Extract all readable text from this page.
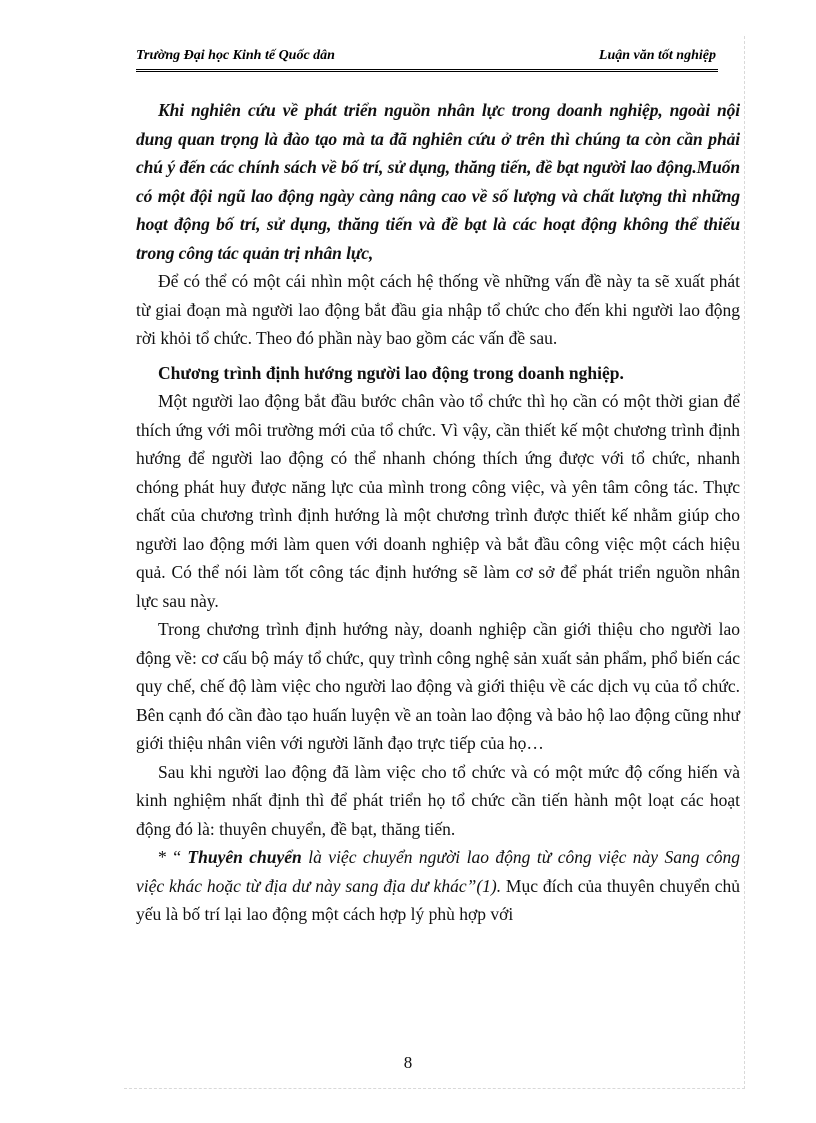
Trường Đại học Kinh tế Quốc dân	Luận văn tốt nghiệp

Khi nghiên cứu về phát triển nguồn nhân lực trong doanh nghiệp, ngoài nội dung quan trọng là đào tạo mà ta đã nghiên cứu ở trên thì chúng ta còn cần phải chú ý đến các chính sách về bố trí, sử dụng, thăng tiến, đề bạt người lao động.Muốn có một đội ngũ lao động ngày càng nâng cao về số lượng và chất lượng thì những hoạt động bố trí, sử dụng, thăng tiến và đề bạt là các hoạt động không thể thiếu trong công tác quản trị nhân lực,

Để có thể có một cái nhìn một cách hệ thống về những vấn đề này ta sẽ xuất phát từ giai đoạn mà người lao động bắt đầu gia nhập tổ chức cho đến khi người lao động rời khỏi tổ chức. Theo đó phần này bao gồm các vấn đề sau.

Chương trình định hướng người lao động trong doanh nghiệp.

Một người lao động bắt đầu bước chân vào tổ chức thì họ cần có một thời gian để thích ứng với môi trường mới của tổ chức. Vì vậy, cần thiết kế một chương trình định hướng để người lao động có thể nhanh chóng thích ứng được với tổ chức, nhanh chóng phát huy được năng lực của mình trong công việc, và yên tâm công tác. Thực chất của chương trình định hướng là một chương trình được thiết kế nhằm giúp cho người lao động mới làm quen với doanh nghiệp và bắt đầu công việc một cách hiệu quả. Có thể nói làm tốt công tác định hướng sẽ làm cơ sở để phát triển nguồn nhân lực sau này.

Trong chương trình định hướng này, doanh nghiệp cần giới thiệu cho người lao động về: cơ cấu bộ máy tổ chức, quy trình công nghệ sản xuất sản phẩm, phổ biến các quy chế, chế độ làm việc cho người lao động và giới thiệu về các dịch vụ của tổ chức. Bên cạnh đó cần đào tạo huấn luyện về an toàn lao động và bảo hộ lao động cũng như giới thiệu nhân viên với người lãnh đạo trực tiếp của họ…

Sau khi người lao động đã làm việc cho tổ chức và có một mức độ cống hiến và kinh nghiệm nhất định thì để phát triển họ tổ chức cần tiến hành một loạt các hoạt động đó là: thuyên chuyển, đề bạt, thăng tiến.

* “ Thuyên chuyển là việc chuyển người lao động từ công việc này Sang công việc khác hoặc từ địa dư này sang địa dư khác”(1). Mục đích của thuyên chuyển chủ yếu là bố trí lại lao động một cách hợp lý phù hợp với

8
